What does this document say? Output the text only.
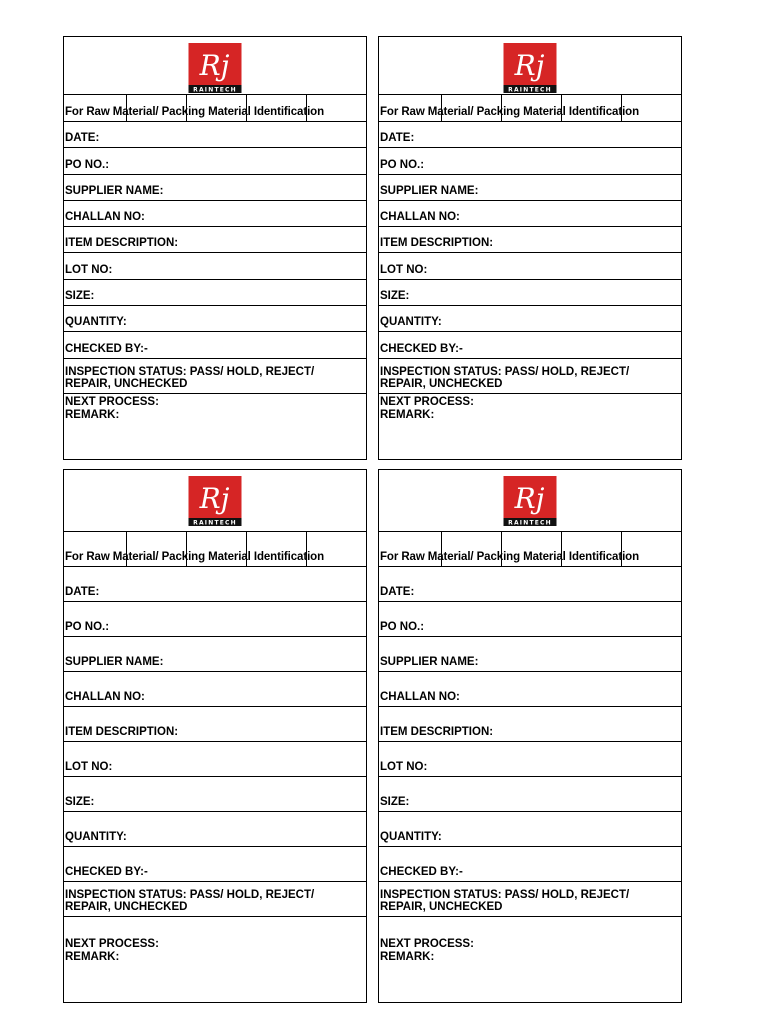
Rj
RAINTECH
For Raw Material/ Packing Material Identification
DATE:
PO NO.:
SUPPLIER NAME:
CHALLAN NO:
ITEM DESCRIPTION:
LOT NO:
SIZE:
QUANTITY:
CHECKED BY:-
INSPECTION STATUS: PASS/ HOLD, REJECT/ REPAIR, UNCHECKED
NEXT PROCESS:
REMARK:
Rj
RAINTECH
For Raw Material/ Packing Material Identification
DATE:
PO NO.:
SUPPLIER NAME:
CHALLAN NO:
ITEM DESCRIPTION:
LOT NO:
SIZE:
QUANTITY:
CHECKED BY:-
INSPECTION STATUS: PASS/ HOLD, REJECT/ REPAIR, UNCHECKED
NEXT PROCESS:
REMARK:
Rj
RAINTECH
For Raw Material/ Packing Material Identification
DATE:
PO NO.:
SUPPLIER NAME:
CHALLAN NO:
ITEM DESCRIPTION:
LOT NO:
SIZE:
QUANTITY:
CHECKED BY:-
INSPECTION STATUS: PASS/ HOLD, REJECT/ REPAIR, UNCHECKED
NEXT PROCESS:
REMARK:
Rj
RAINTECH
For Raw Material/ Packing Material Identification
DATE:
PO NO.:
SUPPLIER NAME:
CHALLAN NO:
ITEM DESCRIPTION:
LOT NO:
SIZE:
QUANTITY:
CHECKED BY:-
INSPECTION STATUS: PASS/ HOLD, REJECT/ REPAIR, UNCHECKED
NEXT PROCESS:
REMARK:
